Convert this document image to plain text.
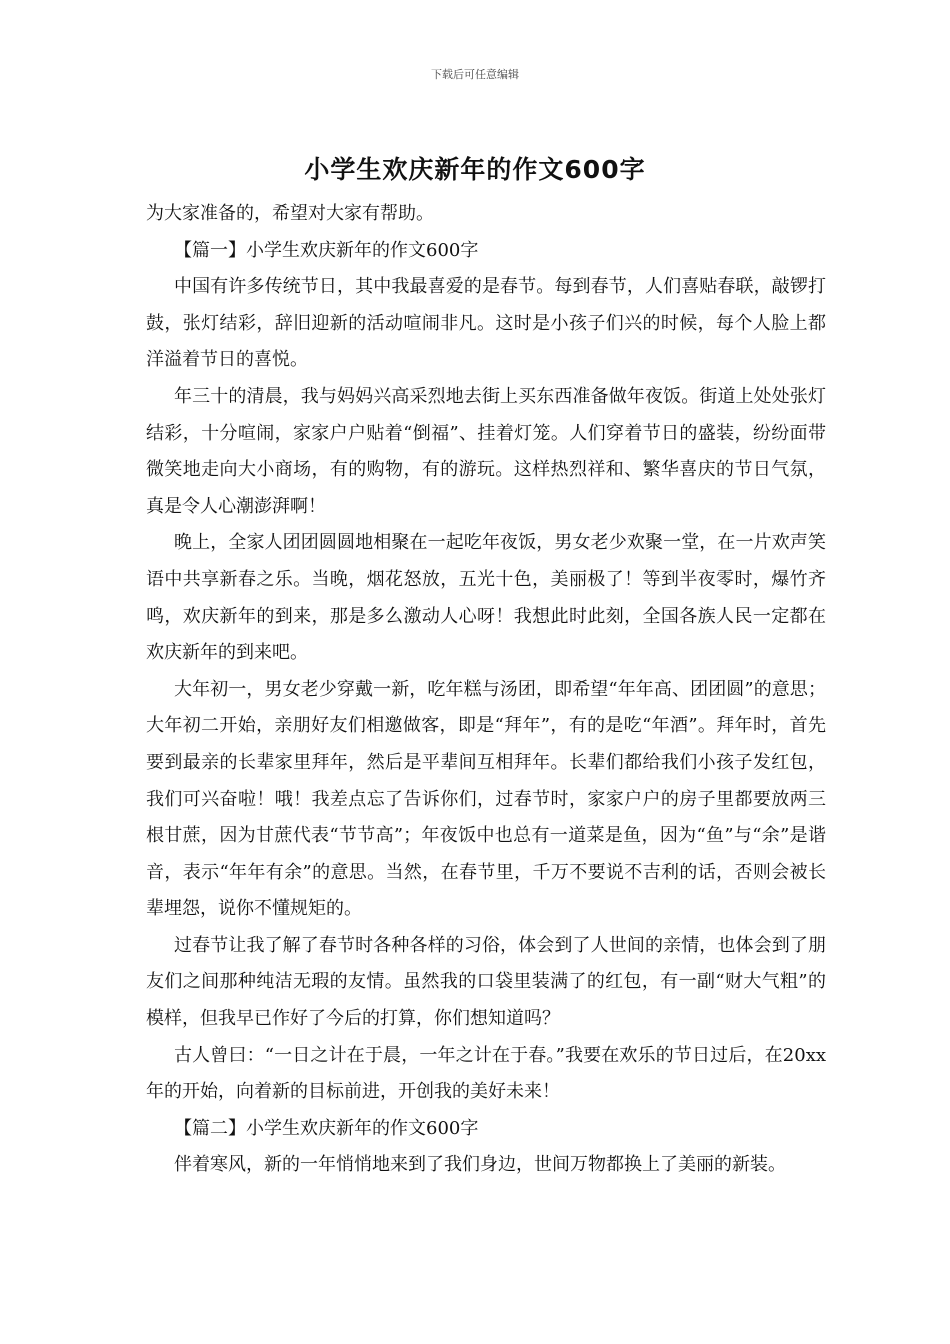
下载后可任意编辑
小学生欢庆新年的作文600字

为大家准备的，希望对大家有帮助。

【篇一】小学生欢庆新年的作文600字

中国有许多传统节日，其中我最喜爱的是春节。每到春节，人们喜贴春联，敲锣打鼓，张灯结彩，辞旧迎新的活动喧闹非凡。这时是小孩子们兴的时候，每个人脸上都洋溢着节日的喜悦。

年三十的清晨，我与妈妈兴高采烈地去街上买东西准备做年夜饭。街道上处处张灯结彩，十分喧闹，家家户户贴着“倒福”、挂着灯笼。人们穿着节日的盛装，纷纷面带微笑地走向大小商场，有的购物，有的游玩。这样热烈祥和、繁华喜庆的节日气氛，真是令人心潮澎湃啊！

晚上，全家人团团圆圆地相聚在一起吃年夜饭，男女老少欢聚一堂，在一片欢声笑语中共享新春之乐。当晚，烟花怒放，五光十色，美丽极了！等到半夜零时，爆竹齐鸣，欢庆新年的到来，那是多么激动人心呀！我想此时此刻，全国各族人民一定都在欢庆新年的到来吧。

大年初一，男女老少穿戴一新，吃年糕与汤团，即希望“年年高、团团圆”的意思；大年初二开始，亲朋好友们相邀做客，即是“拜年”，有的是吃“年酒”。拜年时，首先要到最亲的长辈家里拜年，然后是平辈间互相拜年。长辈们都给我们小孩子发红包，我们可兴奋啦！哦！我差点忘了告诉你们，过春节时，家家户户的房子里都要放两三根甘蔗，因为甘蔗代表“节节高”；年夜饭中也总有一道菜是鱼，因为“鱼”与“余”是谐音，表示“年年有余”的意思。当然，在春节里，千万不要说不吉利的话，否则会被长辈埋怨，说你不懂规矩的。

过春节让我了解了春节时各种各样的习俗，体会到了人世间的亲情，也体会到了朋友们之间那种纯洁无瑕的友情。虽然我的口袋里装满了的红包，有一副“财大气粗”的模样，但我早已作好了今后的打算，你们想知道吗？

古人曾曰：“一日之计在于晨，一年之计在于春。”我要在欢乐的节日过后，在20xx年的开始，向着新的目标前进，开创我的美好未来！

【篇二】小学生欢庆新年的作文600字

伴着寒风，新的一年悄悄地来到了我们身边，世间万物都换上了美丽的新装。
